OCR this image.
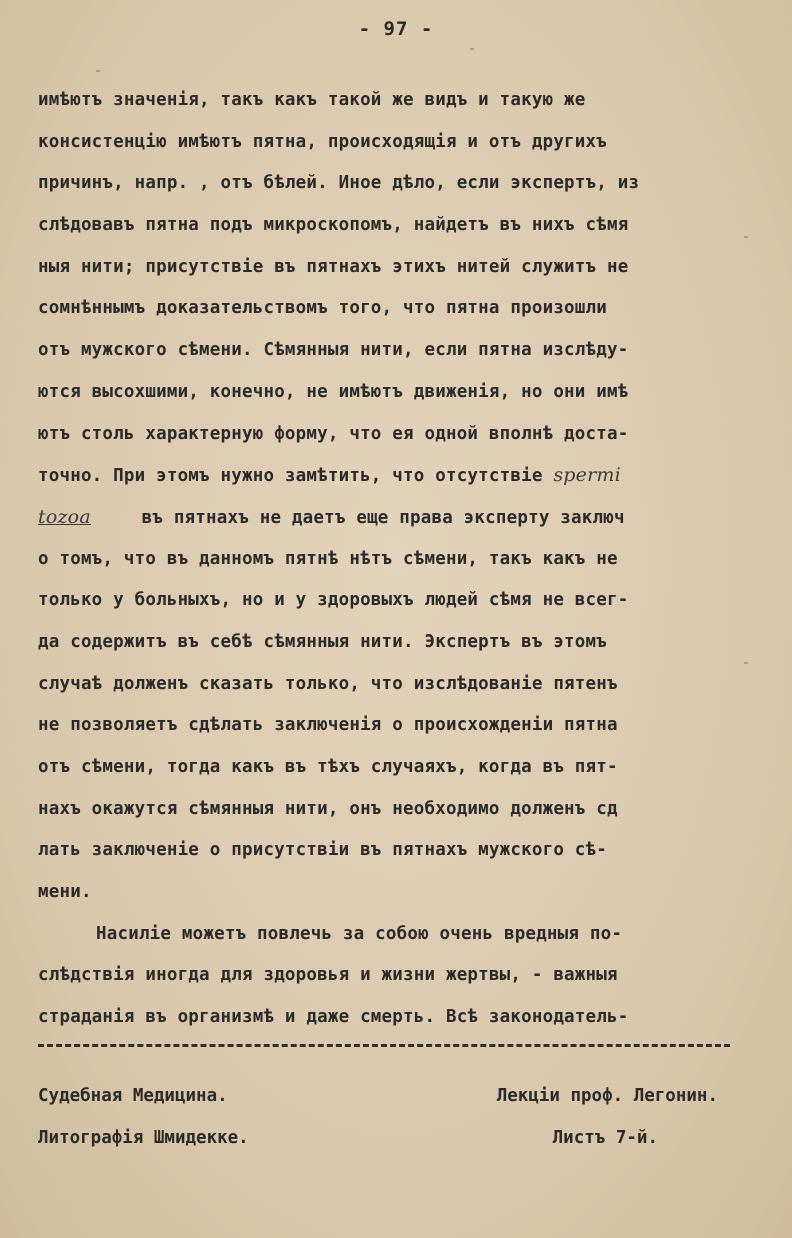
- 97 -
имѣютъ значенія, такъ какъ такой же видъ и такую же
консистенцію имѣютъ пятна, происходящія и отъ другихъ
причинъ, напр. , отъ бѣлей. Иное дѣло, если экспертъ, из
слѣдовавъ пятна подъ микроскопомъ, найдетъ въ нихъ сѣмя
ныя нити; присутствіе въ пятнахъ этихъ нитей служитъ не
сомнѣннымъ доказательствомъ того, что пятна произошли
отъ мужского сѣмени. Сѣмянныя нити, если пятна изслѣду-
ются высохшими, конечно, не имѣютъ движенія, но они имѣ
ютъ столь характерную форму, что ея одной вполнѣ доста-
точно. При этомъ нужно замѣтить, что отсутствіе spermi
tozoa	въ пятнахъ не даетъ еще права эксперту заключ
о томъ, что въ данномъ пятнѣ нѣтъ сѣмени, такъ какъ не
только у больныхъ, но и у здоровыхъ людей сѣмя не всег-
да содержитъ въ себѣ сѣмянныя нити. Экспертъ въ этомъ
случаѣ долженъ сказать только, что изслѣдованіе пятенъ
не позволяетъ сдѣлать заключенія о происхожденіи пятна
отъ сѣмени, тогда какъ въ тѣхъ случаяхъ, когда въ пят-
нахъ окажутся сѣмянныя нити, онъ необходимо долженъ сд
лать заключеніе о присутствіи въ пятнахъ мужского сѣ-
мени.
Насиліе можетъ повлечь за собою очень вредныя по-
слѣдствія иногда для здоровья и жизни жертвы, - важныя
страданія въ организмѣ и даже смерть. Всѣ законодатель-
Судебная Медицина.	Лекціи проф. Легонин.
Литографія Шмидекке.	Листъ 7-й.
